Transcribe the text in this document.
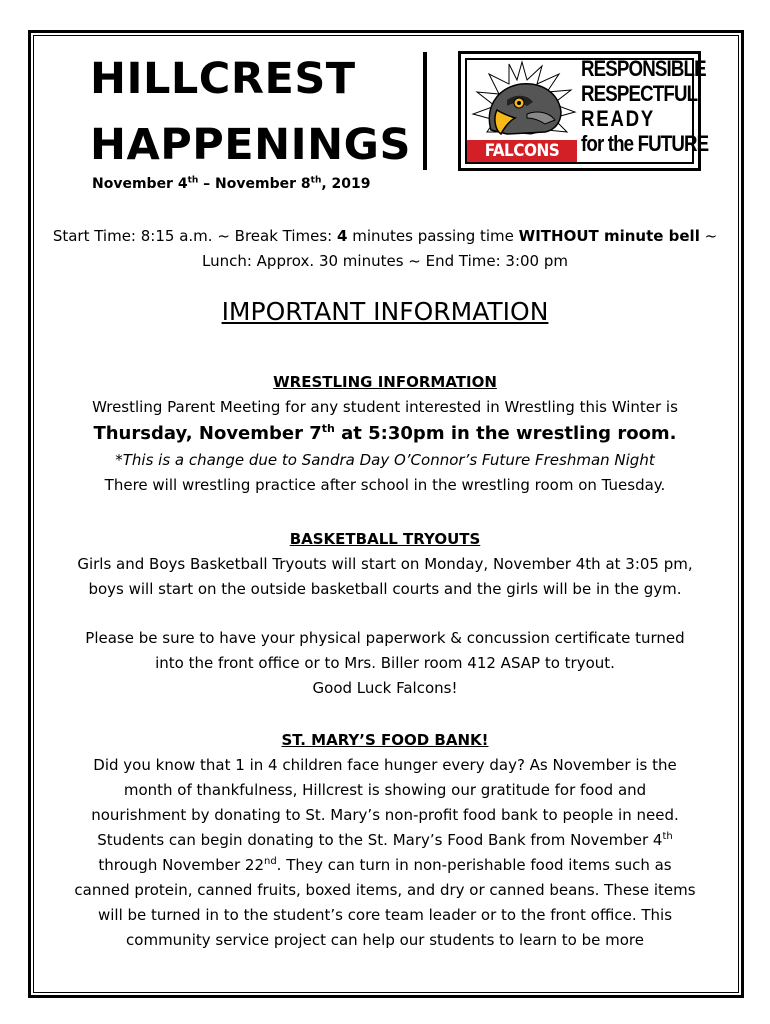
HILLCREST
HAPPENINGS
November 4th – November 8th, 2019
FALCONS
RESPONSIBLE
RESPECTFUL
READY
for the FUTURE
Start Time: 8:15 a.m. ~ Break Times: 4 minutes passing time WITHOUT minute bell ~ Lunch: Approx. 30 minutes ~ End Time: 3:00 pm
IMPORTANT INFORMATION
WRESTLING INFORMATION
Wrestling Parent Meeting for any student interested in Wrestling this Winter is
Thursday, November 7th at 5:30pm in the wrestling room.
*This is a change due to Sandra Day O’Connor’s Future Freshman Night
There will wrestling practice after school in the wrestling room on Tuesday.
BASKETBALL TRYOUTS
Girls and Boys Basketball Tryouts will start on Monday, November 4th at 3:05 pm,
boys will start on the outside basketball courts and the girls will be in the gym.
Please be sure to have your physical paperwork & concussion certificate turned
into the front office or to Mrs. Biller room 412 ASAP to tryout.
Good Luck Falcons!
ST. MARY’S FOOD BANK!
Did you know that 1 in 4 children face hunger every day? As November is the
month of thankfulness, Hillcrest is showing our gratitude for food and
nourishment by donating to St. Mary’s non-profit food bank to people in need.
Students can begin donating to the St. Mary’s Food Bank from November 4th
through November 22nd. They can turn in non-perishable food items such as
canned protein, canned fruits, boxed items, and dry or canned beans. These items
will be turned in to the student’s core team leader or to the front office. This
community service project can help our students to learn to be more
